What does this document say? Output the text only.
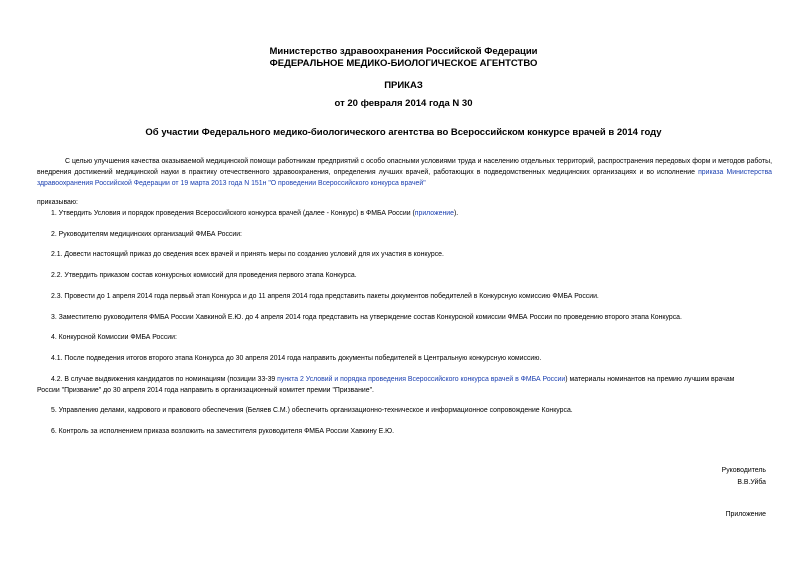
Министерство здравоохранения Российской Федерации
ФЕДЕРАЛЬНОЕ МЕДИКО-БИОЛОГИЧЕСКОЕ АГЕНТСТВО
ПРИКАЗ
от 20 февраля 2014 года N 30
Об участии Федерального медико-биологического агентства во Всероссийском конкурсе врачей в 2014 году
С целью улучшения качества оказываемой медицинской помощи работникам предприятий с особо опасными условиями труда и населению отдельных территорий, распространения передовых форм и методов работы, внедрения достижений медицинской науки в практику отечественного здравоохранения, определения лучших врачей, работающих в подведомственных медицинских организациях и во исполнение приказа Министерства здравоохранения Российской Федерации от 19 марта 2013 года N 151н "О проведении Всероссийского конкурса врачей"
приказываю:
1. Утвердить Условия и порядок проведения Всероссийского конкурса врачей (далее - Конкурс) в ФМБА России (приложение).
2. Руководителям медицинских организаций ФМБА России:
2.1. Довести настоящий приказ до сведения всех врачей и принять меры по созданию условий для их участия в конкурсе.
2.2. Утвердить приказом состав конкурсных комиссий для проведения первого этапа Конкурса.
2.3. Провести до 1 апреля 2014 года первый этап Конкурса и до 11 апреля 2014 года представить пакеты документов победителей в Конкурсную комиссию ФМБА России.
3. Заместителю руководителя ФМБА России Хавкиной Е.Ю. до 4 апреля 2014 года представить на утверждение состав Конкурсной комиссии ФМБА России по проведению второго этапа Конкурса.
4. Конкурсной Комиссии ФМБА России:
4.1. После подведения итогов второго этапа Конкурса до 30 апреля 2014 года направить документы победителей в Центральную конкурсную комиссию.
4.2. В случае выдвижения кандидатов по номинациям (позиции 33-39 пункта 2 Условий и порядка проведения Всероссийского конкурса врачей в ФМБА России) материалы номинантов на премию лучшим врачам
России "Призвание" до 30 апреля 2014 года направить в организационный комитет премии "Призвание".
5. Управлению делами, кадрового и правового обеспечения (Беляев С.М.) обеспечить организационно-техническое и информационное сопровождение Конкурса.
6. Контроль за исполнением приказа возложить на заместителя руководителя ФМБА России Хавкину Е.Ю.
Руководитель
В.В.Уйба
Приложение
